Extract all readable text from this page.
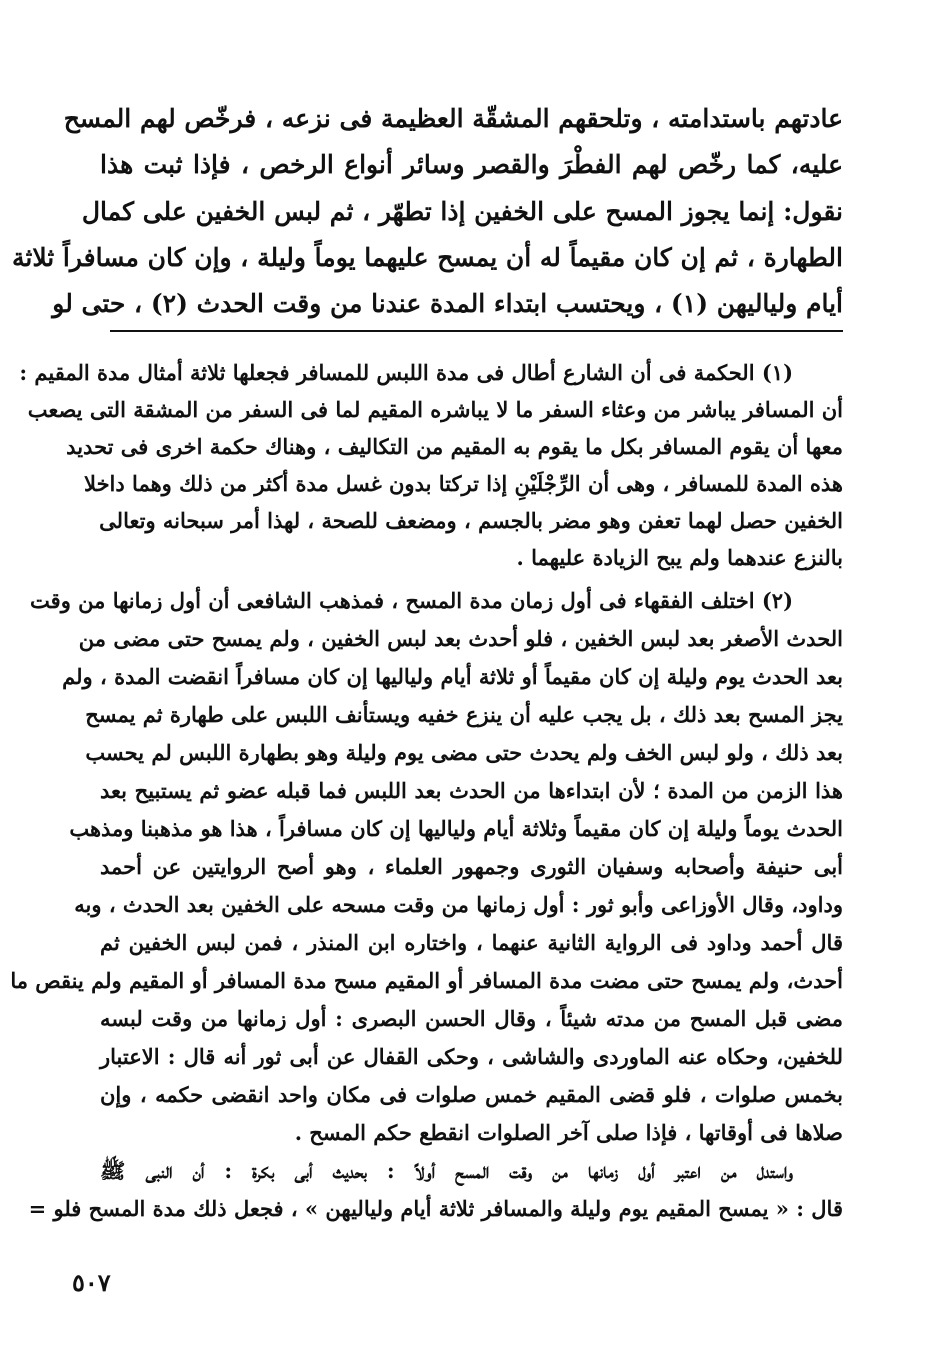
عادتهم باستدامته ، وتلحقهم المشقّة العظيمة فى نزعه ، فرخّص لهم المسح
عليه، كما رخّص لهم الفطْرَ والقصر وسائر أنواع الرخص ، فإذا ثبت هذا
نقول: إنما يجوز المسح على الخفين إذا تطهّر ، ثم لبس الخفين على كمال
الطهارة ، ثم إن كان مقيماً له أن يمسح عليهما يوماً وليلة ، وإن كان مسافراً ثلاثة
أيام ولياليهن (١) ، ويحتسب ابتداء المدة عندنا من وقت الحدث (٢) ، حتى لو
(١) الحكمة فى أن الشارع أطال فى مدة اللبس للمسافر فجعلها ثلاثة أمثال مدة المقيم :
أن المسافر يباشر من وعثاء السفر ما لا يباشره المقيم لما فى السفر من المشقة التى يصعب
معها أن يقوم المسافر بكل ما يقوم به المقيم من التكاليف ، وهناك حكمة اخرى فى تحديد
هذه المدة للمسافر ، وهى أن الرِّجْلَيْنِ إذا تركتا بدون غسل مدة أكثر من ذلك وهما داخلا
الخفين حصل لهما تعفن وهو مضر بالجسم ، ومضعف للصحة ، لهذا أمر سبحانه وتعالى
بالنزع عندهما ولم يبح الزيادة عليهما .
(٢) اختلف الفقهاء فى أول زمان مدة المسح ، فمذهب الشافعى أن أول زمانها من وقت
الحدث الأصغر بعد لبس الخفين ، فلو أحدث بعد لبس الخفين ، ولم يمسح حتى مضى من
بعد الحدث يوم وليلة إن كان مقيماً أو ثلاثة أيام ولياليها إن كان مسافراً انقضت المدة ، ولم
يجز المسح بعد ذلك ، بل يجب عليه أن ينزع خفيه ويستأنف اللبس على طهارة ثم يمسح
بعد ذلك ، ولو لبس الخف ولم يحدث حتى مضى يوم وليلة وهو بطهارة اللبس لم يحسب
هذا الزمن من المدة ؛ لأن ابتداءها من الحدث بعد اللبس فما قبله عضو ثم يستبيح بعد
الحدث يوماً وليلة إن كان مقيماً وثلاثة أيام ولياليها إن كان مسافراً ، هذا هو مذهبنا ومذهب
أبى حنيفة وأصحابه وسفيان الثورى وجمهور العلماء ، وهو أصح الروايتين عن أحمد
وداود، وقال الأوزاعى وأبو ثور : أول زمانها من وقت مسحه على الخفين بعد الحدث ، وبه
قال أحمد وداود فى الرواية الثانية عنهما ، واختاره ابن المنذر ، فمن لبس الخفين ثم
أحدث، ولم يمسح حتى مضت مدة المسافر أو المقيم مسح مدة المسافر أو المقيم ولم ينقص ما
مضى قبل المسح من مدته شيئاً ، وقال الحسن البصرى : أول زمانها من وقت لبسه
للخفين، وحكاه عنه الماوردى والشاشى ، وحكى القفال عن أبى ثور أنه قال : الاعتبار
بخمس صلوات ، فلو قضى المقيم خمس صلوات فى مكان واحد انقضى حكمه ، وإن
صلاها فى أوقاتها ، فإذا صلى آخر الصلوات انقطع حكم المسح .
واستدل من اعتبر أول زمانها من وقت المسح أولاً : بحديث أبى بكرة : أن النبى ﷺ
قال : « يمسح المقيم يوم وليلة والمسافر ثلاثة أيام ولياليهن » ، فجعل ذلك مدة المسح فلو =
٥٠٧
